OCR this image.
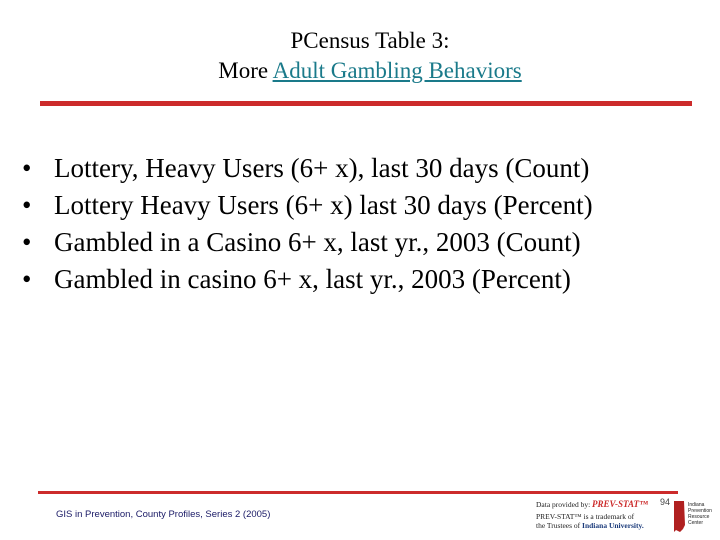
PCensus Table 3:
More Adult Gambling Behaviors
• Lottery, Heavy Users (6+ x), last 30 days (Count)
• Lottery Heavy Users (6+ x) last 30 days (Percent)
• Gambled in a Casino 6+ x, last yr., 2003 (Count)
• Gambled in casino 6+ x, last yr., 2003 (Percent)
GIS in Prevention, County Profiles, Series 2 (2005)
Data provided by: PREV-STAT™
PREV-STAT™ is a trademark of
the Trustees of Indiana University.
94	Indiana Prevention Resource Center
